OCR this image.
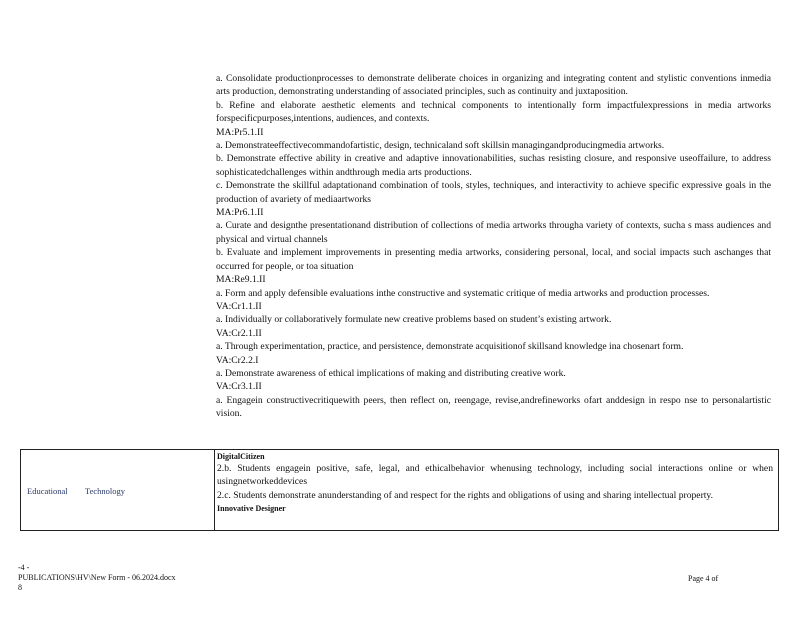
a. Consolidate productionprocesses to demonstrate deliberate choices in organizing and integrating content and stylistic conventions inmedia arts production, demonstrating understanding of associated principles, such as continuity and juxtaposition.
b. Refine and elaborate aesthetic elements and technical components to intentionally form impactfulexpressions in media artworks forspecificpurposes,intentions, audiences, and contexts.
MA:Pr5.1.II
a. Demonstrateeffectivecommandofartistic, design, technicaland soft skillsin managingandproducingmedia artworks.
b. Demonstrate effective ability in creative and adaptive innovationabilities, suchas resisting closure, and responsive useoffailure, to address sophisticatedchallenges within andthrough media arts productions.
c. Demonstrate the skillful adaptationand combination of tools, styles, techniques, and interactivity to achieve specific expressive goals in the production of avariety of mediaartworks
MA:Pr6.1.II
a. Curate and designthe presentationand distribution of collections of media artworks througha variety of contexts, sucha s mass audiences and physical and virtual channels
b. Evaluate and implement improvements in presenting media artworks, considering personal, local, and social impacts such aschanges that occurred for people, or toa situation
MA:Re9.1.II
a. Form and apply defensible evaluations inthe constructive and systematic critique of media artworks and production processes.
VA:Cr1.1.II
a. Individually or collaboratively formulate new creative problems based on student’s existing artwork.
VA:Cr2.1.II
a. Through experimentation, practice, and persistence, demonstrate acquisitionof skillsand knowledge ina chosenart form.
VA:Cr2.2.I
a. Demonstrate awareness of ethical implications of making and distributing creative work.
VA:Cr3.1.II
a. Engagein constructivecritiquewith peers, then reflect on, reengage, revise,andrefineworks ofart anddesign in respo nse to personalartistic vision.
Educational Technology
DigitalCitizen
2.b. Students engagein positive, safe, legal, and ethicalbehavior whenusing technology, including social interactions online or when usingnetworkeddevices
2.c. Students demonstrate anunderstanding of and respect for the rights and obligations of using and sharing intellectual property.
Innovative Designer
-4 -
PUBLICATIONS\HV\New Form - 06.2024.docx
8
Page 4 of
